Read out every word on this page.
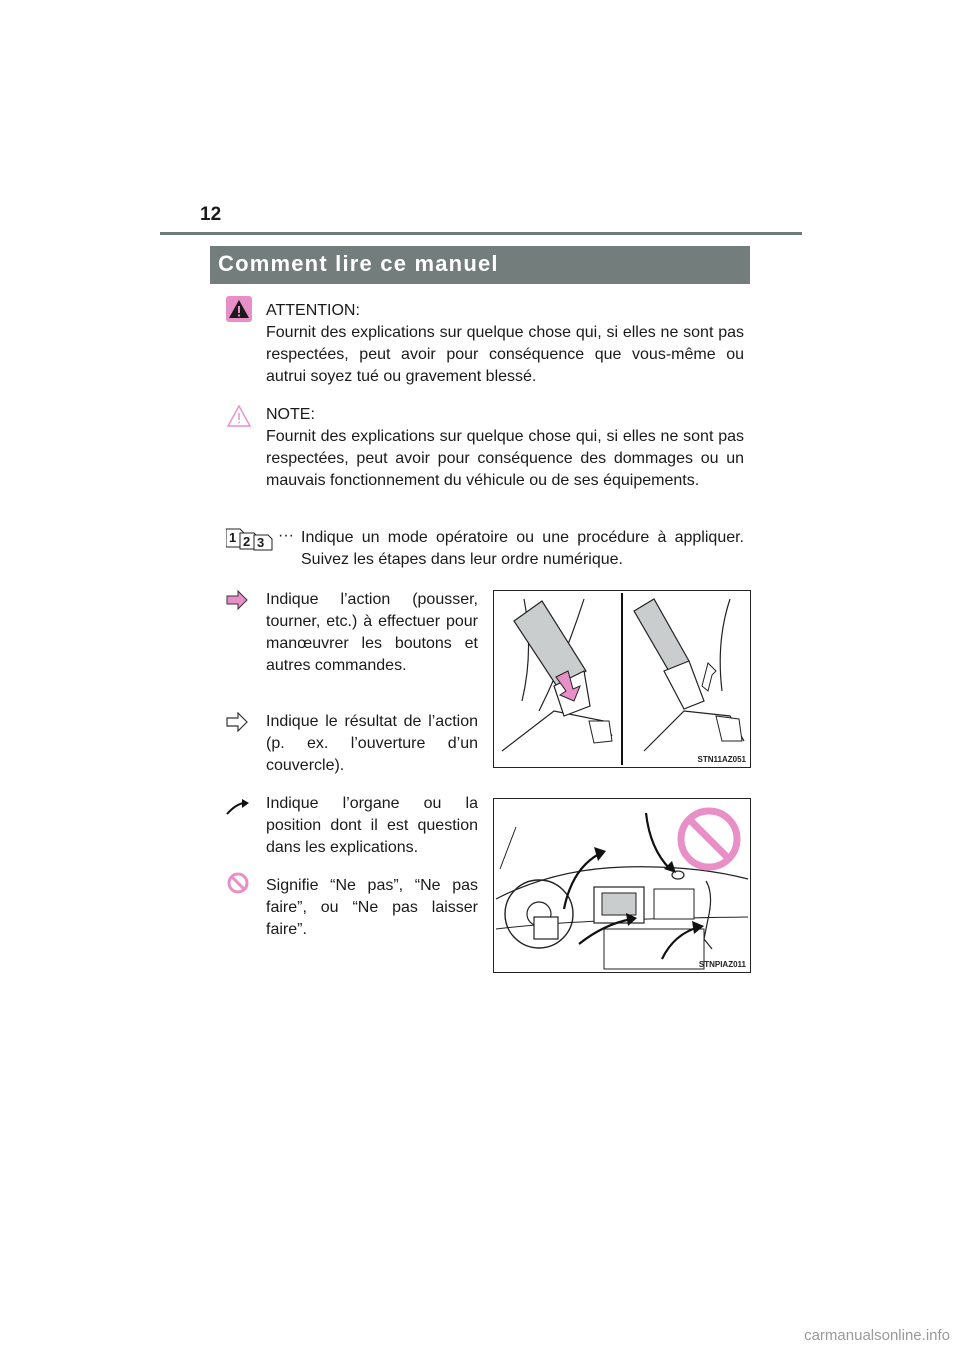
12
Comment lire ce manuel
ATTENTION:
Fournit des explications sur quelque chose qui, si elles ne sont pas respectées, peut avoir pour conséquence que vous-même ou autrui soyez tué ou gravement blessé.
NOTE:
Fournit des explications sur quelque chose qui, si elles ne sont pas respectées, peut avoir pour conséquence des dommages ou un mauvais fonctionnement du véhicule ou de ses équipements.
1 2 3 ··· Indique un mode opératoire ou une procédure à appliquer. Suivez les étapes dans leur ordre numérique.
Indique l’action (pousser, tourner, etc.) à effectuer pour manœuvrer les boutons et autres commandes.
Indique le résultat de l’action (p. ex. l’ouverture d’un couvercle).	STN11AZ051
Indique l’organe ou la position dont il est question dans les explications.
Signifie “Ne pas”, “Ne pas faire”, ou “Ne pas laisser faire”.
STNPIAZ011
carmanualsonline.info
